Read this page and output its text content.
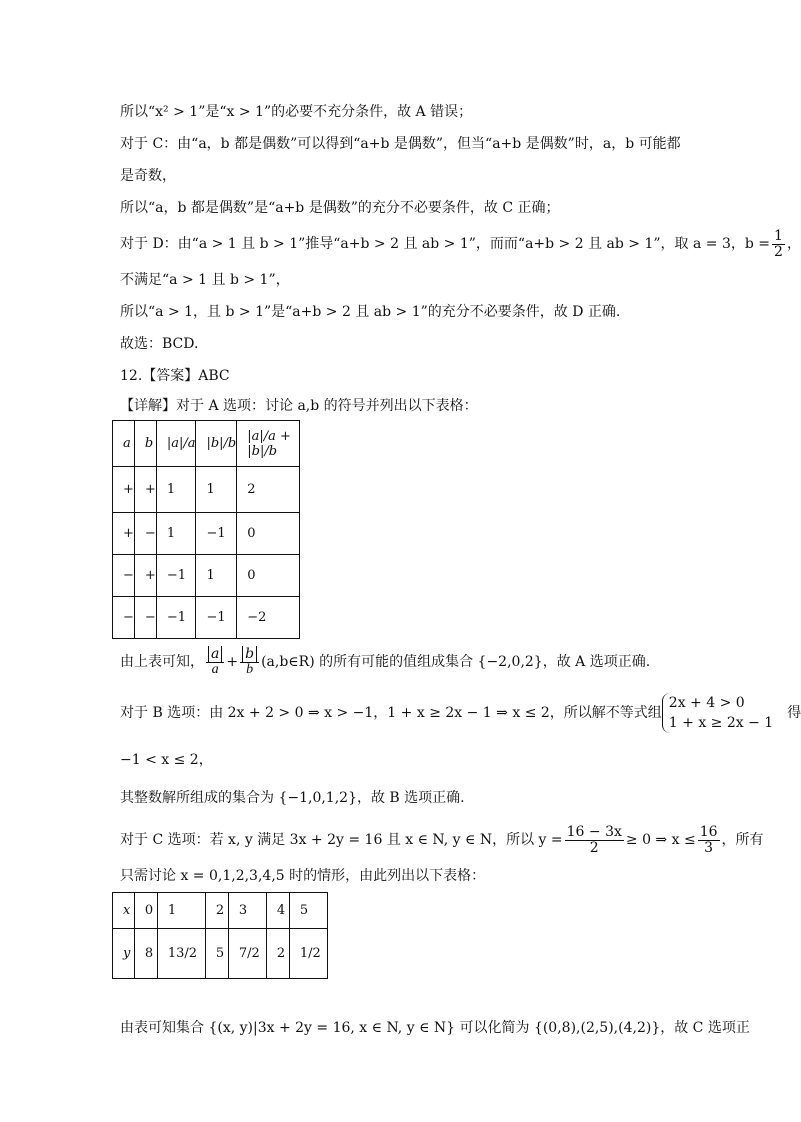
所以“x² > 1”是“x > 1”的必要不充分条件，故 A 错误；
对于 C：由“a，b 都是偶数”可以得到“a+b 是偶数”，但当“a+b 是偶数”时，a，b 可能都
是奇数，
所以“a，b 都是偶数”是“a+b 是偶数”的充分不必要条件，故 C 正确；
对于 D：由“a > 1 且 b > 1”推导“a+b > 2 且 ab > 1”，而而“a+b > 2 且 ab > 1”，取 a = 3，$b = \frac{1}{2}$ ，
不满足“a > 1 且 b > 1”，
所以“a > 1，且 b > 1”是“a+b > 2 且 ab > 1”的充分不必要条件，故 D 正确.
故选：BCD.
12.【答案】ABC
【详解】对于 A 选项：讨论 a,b 的符号并列出以下表格：
a	b	|a|/a	|b|/b	|a|/a + |b|/b
+	+	1	1	2
+	−	1	−1	0
−	+	−1	1	0
−	−	−1	−1	−2
由上表可知， $\frac{a}{a} + \frac{b}{b}$ (a,b∈R) 的所有可能的值组成集合 {−2,0,2}，故 A 选项正确.
对于 B 选项：由 2x + 2 > 0 ⇒ x > −1，1 + x ≥ 2x − 1 ⇒ x ≤ 2，所以解不等式组
2x + 4 > 0
1 + x ≥ 2x − 1
得
−1 < x ≤ 2，
其整数解所组成的集合为 {−1,0,1,2}，故 B 选项正确.
对于 C 选项：若 x, y 满足 3x + 2y = 16 且 x ∈ N, y ∈ N，所以 $y = \frac{16 - 3x}{2} \ge 0$ ⇒ $x \le \frac{16}{3}$ ，所有
只需讨论 x = 0,1,2,3,4,5 时的情形，由此列出以下表格：
x	0	1	2	3	4	5
y	8	13/2	5	7/2	2	1/2
由表可知集合 {(x, y)|3x + 2y = 16, x ∈ N, y ∈ N} 可以化简为 {(0,8),(2,5),(4,2)}，故 C 选项正
